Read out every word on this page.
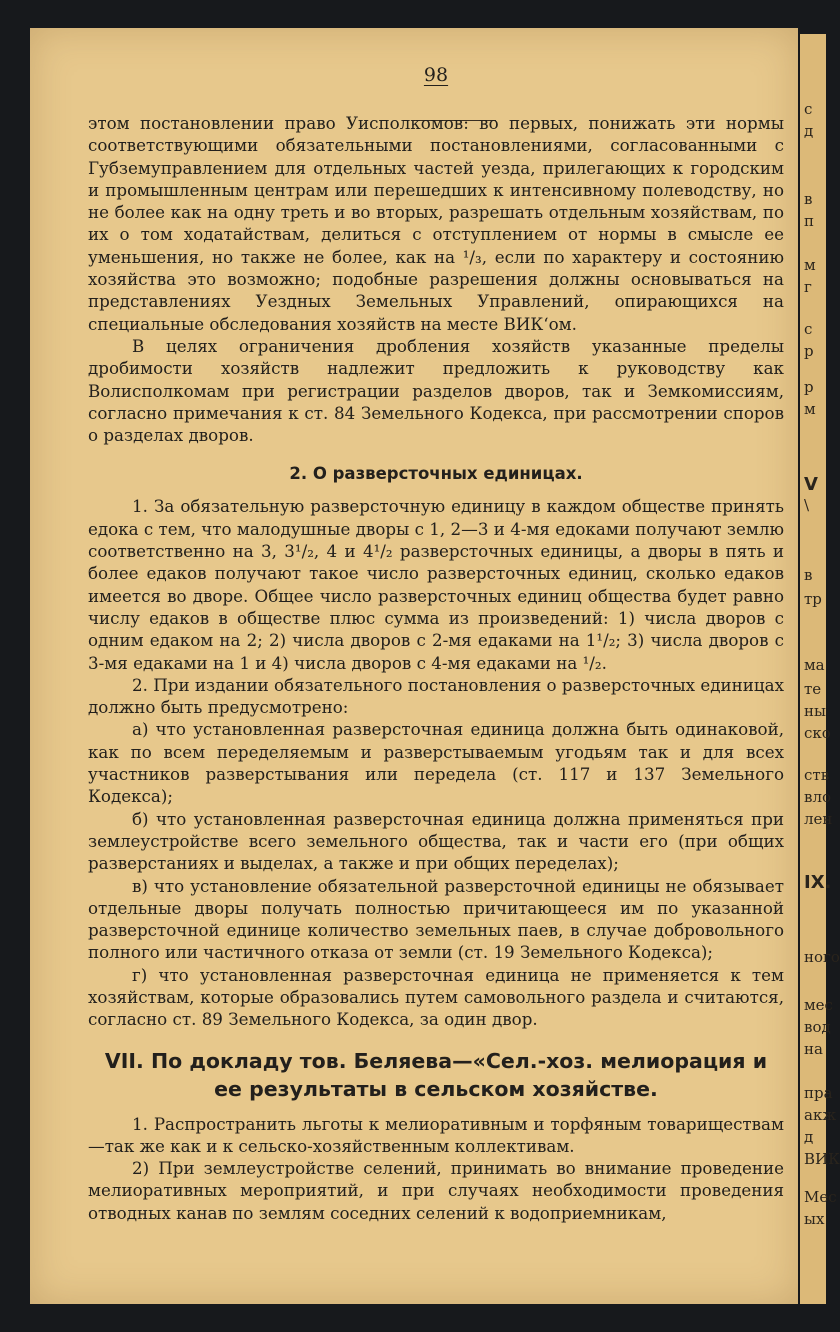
98

этом постановлении право Уисполкомов: во первых, понижать эти нормы соответствующими обязательными постановлениями, согласованными с Губземуправлением для отдельных частей уезда, прилегающих к городским и промышленным центрам или перешедших к интенсивному полеводству, но не более как на одну треть и во вторых, разрешать отдельным хозяйствам, по их о том ходатайствам, делиться с отступлением от нормы в смысле ее уменьшения, но также не более, как на ¹/₃, если по характеру и состоянию хозяйства это возможно; подобные разрешения должны основываться на представлениях Уездных Земельных Управлений, опирающихся на специальные обследования хозяйств на месте ВИК‘ом.

В целях ограничения дробления хозяйств указанные пределы дробимости хозяйств надлежит предложить к руководству как Волисполкомам при регистрации разделов дворов, так и Земкомиссиям, согласно примечания к ст. 84 Земельного Кодекса, при рассмотрении споров о разделах дворов.

2. О разверсточных единицах.

1. За обязательную разверсточную единицу в каждом обществе принять едока с тем, что малодушные дворы с 1, 2—3 и 4-мя едоками получают землю соответственно на 3, 3¹/₂, 4 и 4¹/₂ разверсточных единицы, а дворы в пять и более едаков получают такое число разверсточных единиц, сколько едаков имеется во дворе. Общее число разверсточных единиц общества будет равно числу едаков в обществе плюс сумма из произведений: 1) числа дворов с одним едаком на 2; 2) числа дворов с 2-мя едаками на 1¹/₂; 3) числа дворов с 3-мя едаками на 1 и 4) числа дворов с 4-мя едаками на ¹/₂.

2. При издании обязательного постановления о разверсточных единицах должно быть предусмотрено:

а) что установленная разверсточная единица должна быть одинаковой, как по всем переделяемым и разверстываемым угодьям так и для всех участников разверстывания или передела (ст. 117 и 137 Земельного Кодекса);

б) что установленная разверсточная единица должна применяться при землеустройстве всего земельного общества, так и части его (при общих разверстаниях и выделах, а также и при общих переделах);

в) что установление обязательной разверсточной единицы не обязывает отдельные дворы получать полностью причитающееся им по указанной разверсточной единице количество земельных паев, в случае добровольного полного или частичного отказа от земли (ст. 19 Земельного Кодекса);

г) что установленная разверсточная единица не применяется к тем хозяйствам, которые образовались путем самовольного раздела и считаются, согласно ст. 89 Земельного Кодекса, за один двор.

VII. По докладу тов. Беляева—«Сел.-хоз. мелиорация и
ее результаты в сельском хозяйстве.

1. Распространить льготы к мелиоративным и торфяным товариществам—так же как и к сельско-хозяйственным коллективам.

2) При землеустройстве селений, принимать во внимание проведение мелиоративных мероприятий, и при случаях необходимости проведения отводных канав по землям соседних селений к водоприемникам,

с
д
в
п
м
г
с
р
р
м
V
\
в
тр
ма
те
ны
ско
ств
вло
лен
IX.
ного
мес
вод
на
пра
акж
д
ВИК
Мес
ых
